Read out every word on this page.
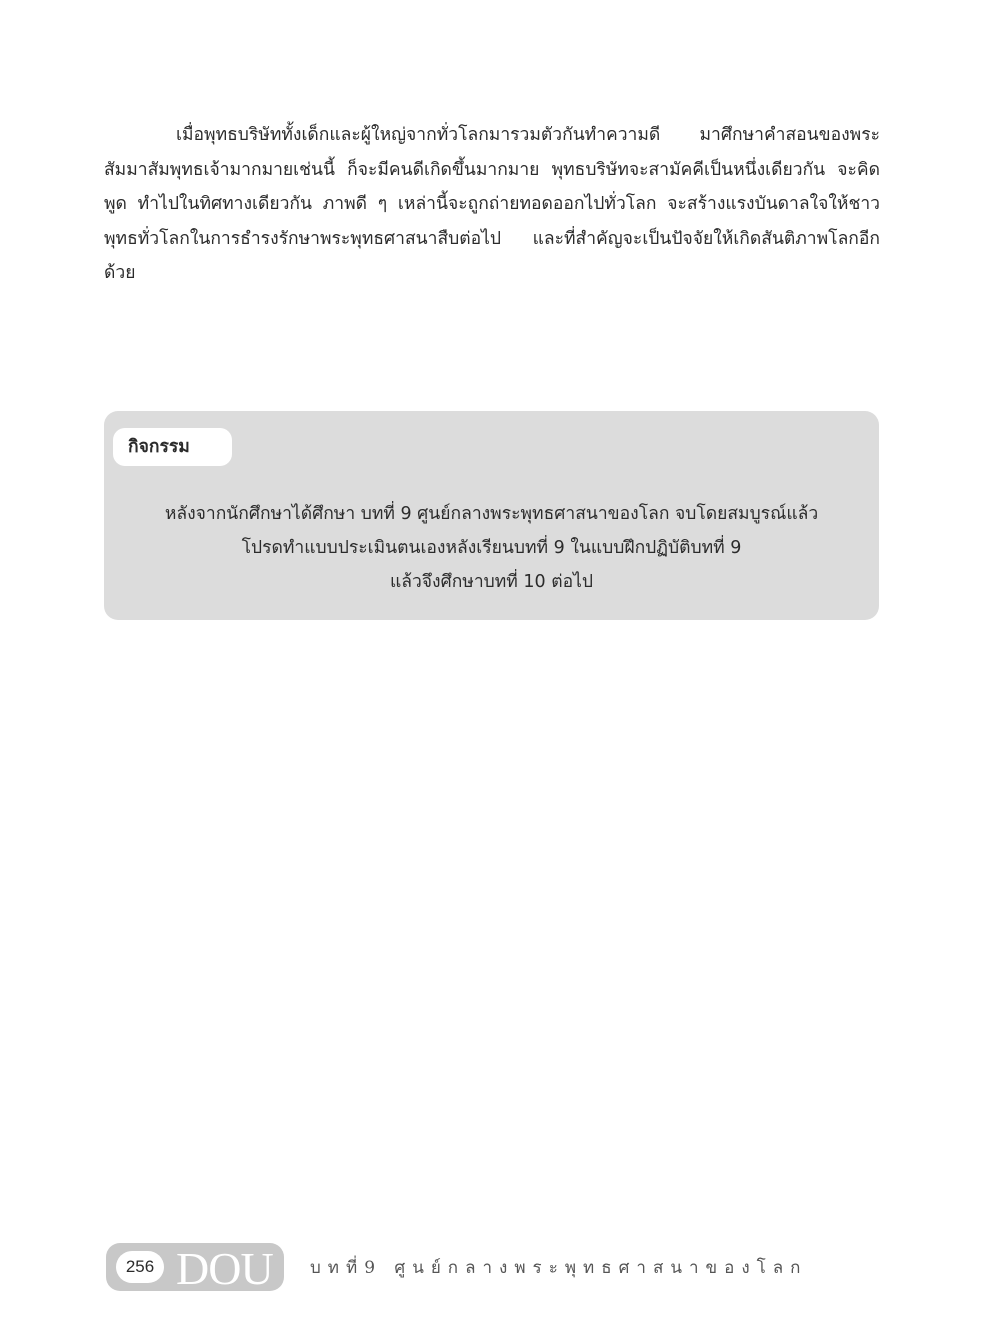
เมื่อพุทธบริษัททั้งเด็กและผู้ใหญ่จากทั่วโลกมารวมตัวกันทำความดี มาศึกษาคำสอนของพระสัมมาสัมพุทธเจ้ามากมายเช่นนี้ ก็จะมีคนดีเกิดขึ้นมากมาย พุทธบริษัทจะสามัคคีเป็นหนึ่งเดียวกัน จะคิด พูด ทำไปในทิศทางเดียวกัน ภาพดี ๆ เหล่านี้จะถูกถ่ายทอดออกไปทั่วโลก จะสร้างแรงบันดาลใจให้ชาวพุทธทั่วโลกในการธำรงรักษาพระพุทธศาสนาสืบต่อไป และที่สำคัญจะเป็นปัจจัยให้เกิดสันติภาพโลกอีกด้วย

กิจกรรม
หลังจากนักศึกษาได้ศึกษา บทที่ 9 ศูนย์กลางพระพุทธศาสนาของโลก จบโดยสมบูรณ์แล้ว
โปรดทำแบบประเมินตนเองหลังเรียนบทที่ 9 ในแบบฝึกปฏิบัติบทที่ 9
แล้วจึงศึกษาบทที่ 10 ต่อไป
256 DOU บทที่9 ศูนย์กลางพระพุทธศาสนาของโลก
